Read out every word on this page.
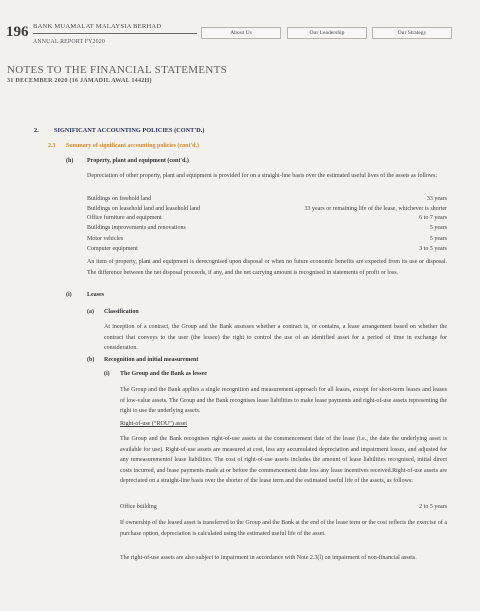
196 BANK MUAMALAT MALAYSIA BERHAD
ANNUAL REPORT FY2020
About Us	Our Leadership	Our Strategy
NOTES TO THE FINANCIAL STATEMENTS
31 DECEMBER 2020 (16 JAMADIL AWAL 1442H)
2. SIGNIFICANT ACCOUNTING POLICIES (CONT'D.)
2.3 Summary of significant accounting policies (cont'd.)
(h) Property, plant and equipment (cont'd.)
Depreciation of other property, plant and equipment is provided for on a straight-line basis over the estimated useful lives of the assets as follows:
Buildings on freehold land	33 years
Buildings on leasehold land and leasehold land	33 years or remaining life of the lease, whichever is shorter
Office furniture and equipment	6 to 7 years
Buildings improvements and renovations	5 years
Motor vehicles	5 years
Computer equipment	3 to 5 years
An item of property, plant and equipment is derecognised upon disposal or when no future economic benefits are expected from its use or disposal. The difference between the net disposal proceeds, if any, and the net carrying amount is recognised in statements of profit or loss.
(i)	Leases
(a) Classification
At inception of a contract, the Group and the Bank assesses whether a contract is, or contains, a lease arrangement based on whether the contract that conveys to the user (the lessee) the right to control the use of an identified asset for a period of time in exchange for consideration.
(b) Recognition and initial measurement
(i) The Group and the Bank as lessee
The Group and the Bank applies a single recognition and measurement approach for all leases, except for short-term leases and leases of low-value assets. The Group and the Bank recognises lease liabilities to make lease payments and right-of-use assets representing the right to use the underlying assets.
Right-of-use (“ROU”) asset
The Group and the Bank recognises right-of-use assets at the commencement date of the lease (i.e., the date the underlying asset is available for use). Right-of-use assets are measured at cost, less any accumulated depreciation and impairment losses, and adjusted for any remeasurementof lease liabilities. The cost of right-of-use assets includes the amount of lease liabilities recognised, initial direct costs incurred, and lease payments made at or before the commencement date less any lease incentives received.Right-of-use assets are depreciated on a straight-line basis over the shorter of the lease term and the estimated useful life of the assets, as follows:
Office building	2 to 5 years
If ownership of the leased asset is transferred to the Group and the Bank at the end of the lease term or the cost reflects the exercise of a purchase option, depreciation is calculated using the estimated useful life of the asset.
The right-of-use assets are also subject to impairment in accordance with Note 2.3(l) on impairment of non-financial assets.
